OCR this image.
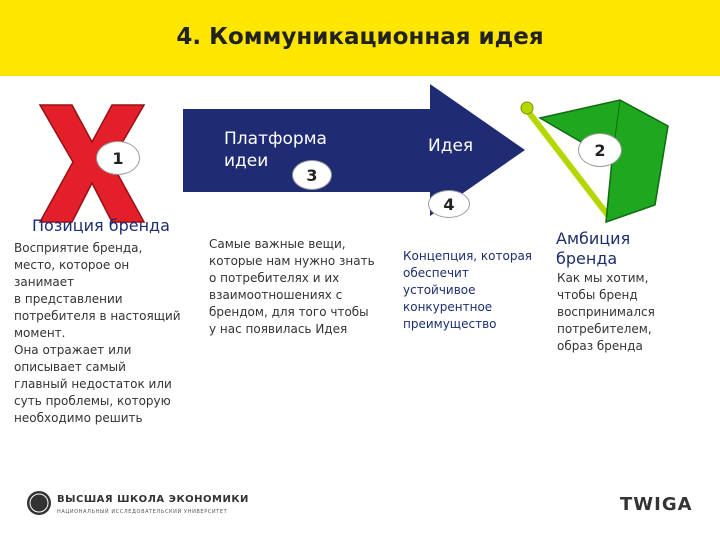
4. Коммуникационная идея
1
3
4
2
Платформа
идеи
Идея
Позиция бренда
Восприятие бренда,
место, которое он
занимает
в представлении
потребителя в настоящий
момент.
Она отражает или
описывает самый
главный недостаток или
суть проблемы, которую
необходимо решить
Самые важные вещи,
которые нам нужно знать
о потребителях и их
взаимоотношениях с
брендом, для того чтобы
у нас появилась Идея
Концепция, которая
обеспечит
устойчивое
конкурентное
преимущество
Амбиция
бренда
Как мы хотим,
чтобы бренд
воспринимался
потребителем,
образ бренда
ВЫСШАЯ ШКОЛА ЭКОНОМИКИ
НАЦИОНАЛЬНЫЙ ИССЛЕДОВАТЕЛЬСКИЙ УНИВЕРСИТЕТ	TWIGA
